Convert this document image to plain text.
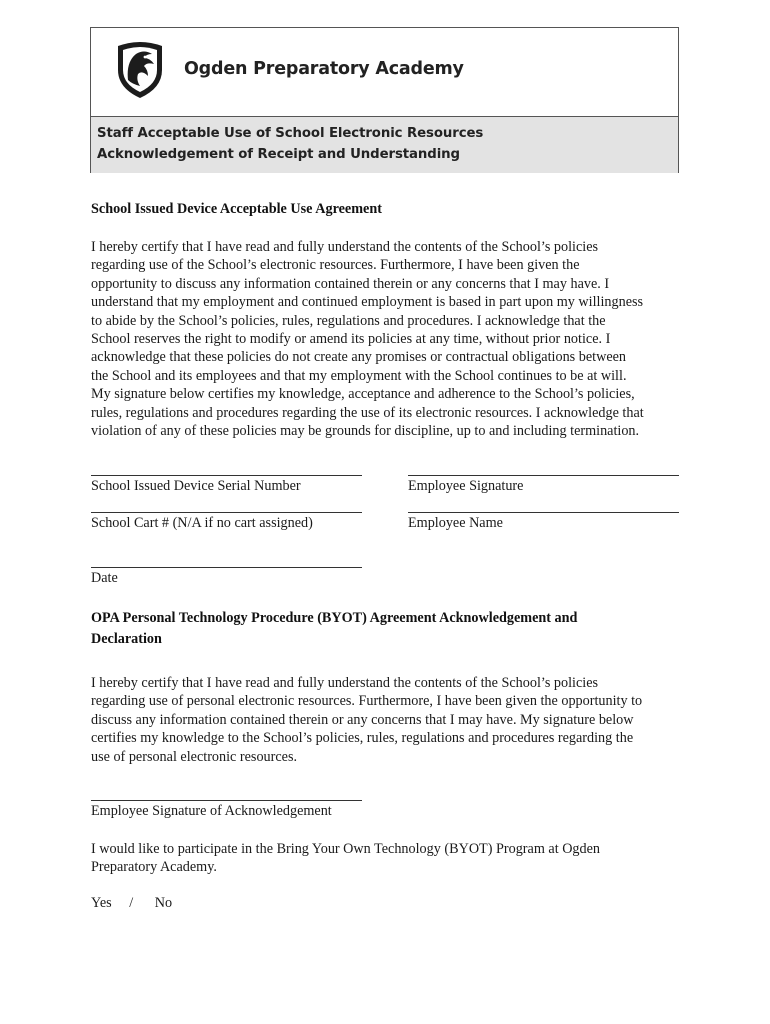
Ogden Preparatory Academy
Staff Acceptable Use of School Electronic Resources
Acknowledgement of Receipt and Understanding
School Issued Device Acceptable Use Agreement
I hereby certify that I have read and fully understand the contents of the School’s policies
regarding use of the School’s electronic resources. Furthermore, I have been given the
opportunity to discuss any information contained therein or any concerns that I may have. I
understand that my employment and continued employment is based in part upon my willingness
to abide by the School’s policies, rules, regulations and procedures. I acknowledge that the
School reserves the right to modify or amend its policies at any time, without prior notice. I
acknowledge that these policies do not create any promises or contractual obligations between
the School and its employees and that my employment with the School continues to be at will.
My signature below certifies my knowledge, acceptance and adherence to the School’s policies,
rules, regulations and procedures regarding the use of its electronic resources. I acknowledge that
violation of any of these policies may be grounds for discipline, up to and including termination.
School Issued Device Serial Number	Employee Signature
School Cart # (N/A if no cart assigned)	Employee Name
Date
OPA Personal Technology Procedure (BYOT) Agreement Acknowledgement and
Declaration
I hereby certify that I have read and fully understand the contents of the School’s policies
regarding use of personal electronic resources. Furthermore, I have been given the opportunity to
discuss any information contained therein or any concerns that I may have. My signature below
certifies my knowledge to the School’s policies, rules, regulations and procedures regarding the
use of personal electronic resources.
Employee Signature of Acknowledgement
I would like to participate in the Bring Your Own Technology (BYOT) Program at Ogden
Preparatory Academy.
Yes / No
